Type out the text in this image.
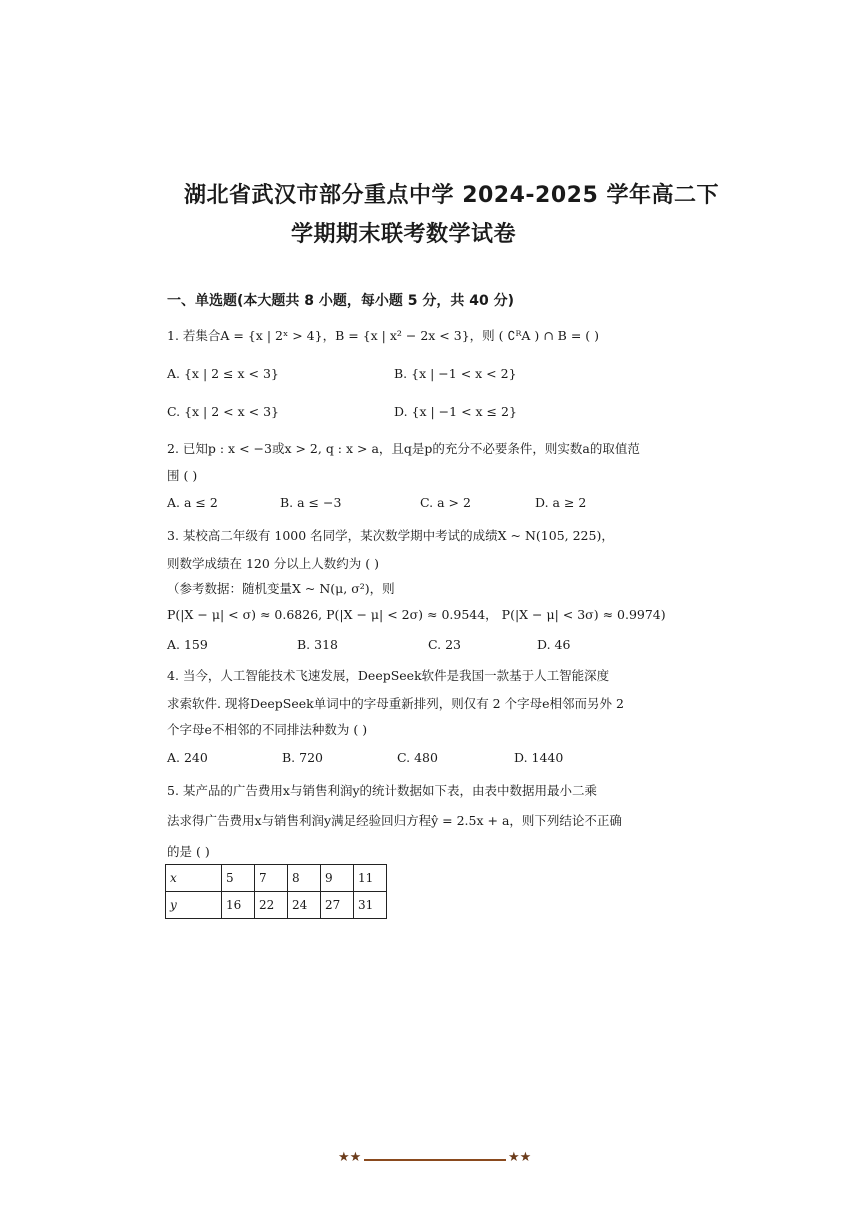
湖北省武汉市部分重点中学 2024-2025 学年高二下
学期期末联考数学试卷
一、单选题(本大题共 8 小题，每小题 5 分，共 40 分)
1. 若集合A = {x | 2ˣ > 4}，B = {x | x² − 2x < 3}，则 ( ∁ᴿA ) ∩ B = ( )
A. {x | 2 ≤ x < 3}	B. {x | −1 < x < 2}
C. {x | 2 < x < 3}	D. {x | −1 < x ≤ 2}
2. 已知p : x < −3或x > 2, q : x > a，且q是p的充分不必要条件，则实数a的取值范
围 ( )
A. a ≤ 2	B. a ≤ −3	C. a > 2	D. a ≥ 2
3. 某校高二年级有 1000 名同学，某次数学期中考试的成绩X ~ N(105, 225)，
则数学成绩在 120 分以上人数约为 ( )
（参考数据：随机变量X ~ N(μ, σ²)，则
P(|X − μ| < σ) ≈ 0.6826, P(|X − μ| < 2σ) ≈ 0.9544， P(|X − μ| < 3σ) ≈ 0.9974)
A. 159	B. 318	C. 23	D. 46
4. 当今，人工智能技术飞速发展，DeepSeek软件是我国一款基于人工智能深度
求索软件. 现将DeepSeek单词中的字母重新排列，则仅有 2 个字母e相邻而另外 2
个字母e不相邻的不同排法种数为 ( )
A. 240	B. 720	C. 480	D. 1440
5. 某产品的广告费用x与销售利润y的统计数据如下表，由表中数据用最小二乘
法求得广告费用x与销售利润y满足经验回归方程ŷ = 2.5x + a，则下列结论不正确
的是 ( )
x	5	7	8	9	11
y	16	22	24	27	31
★★	★★
